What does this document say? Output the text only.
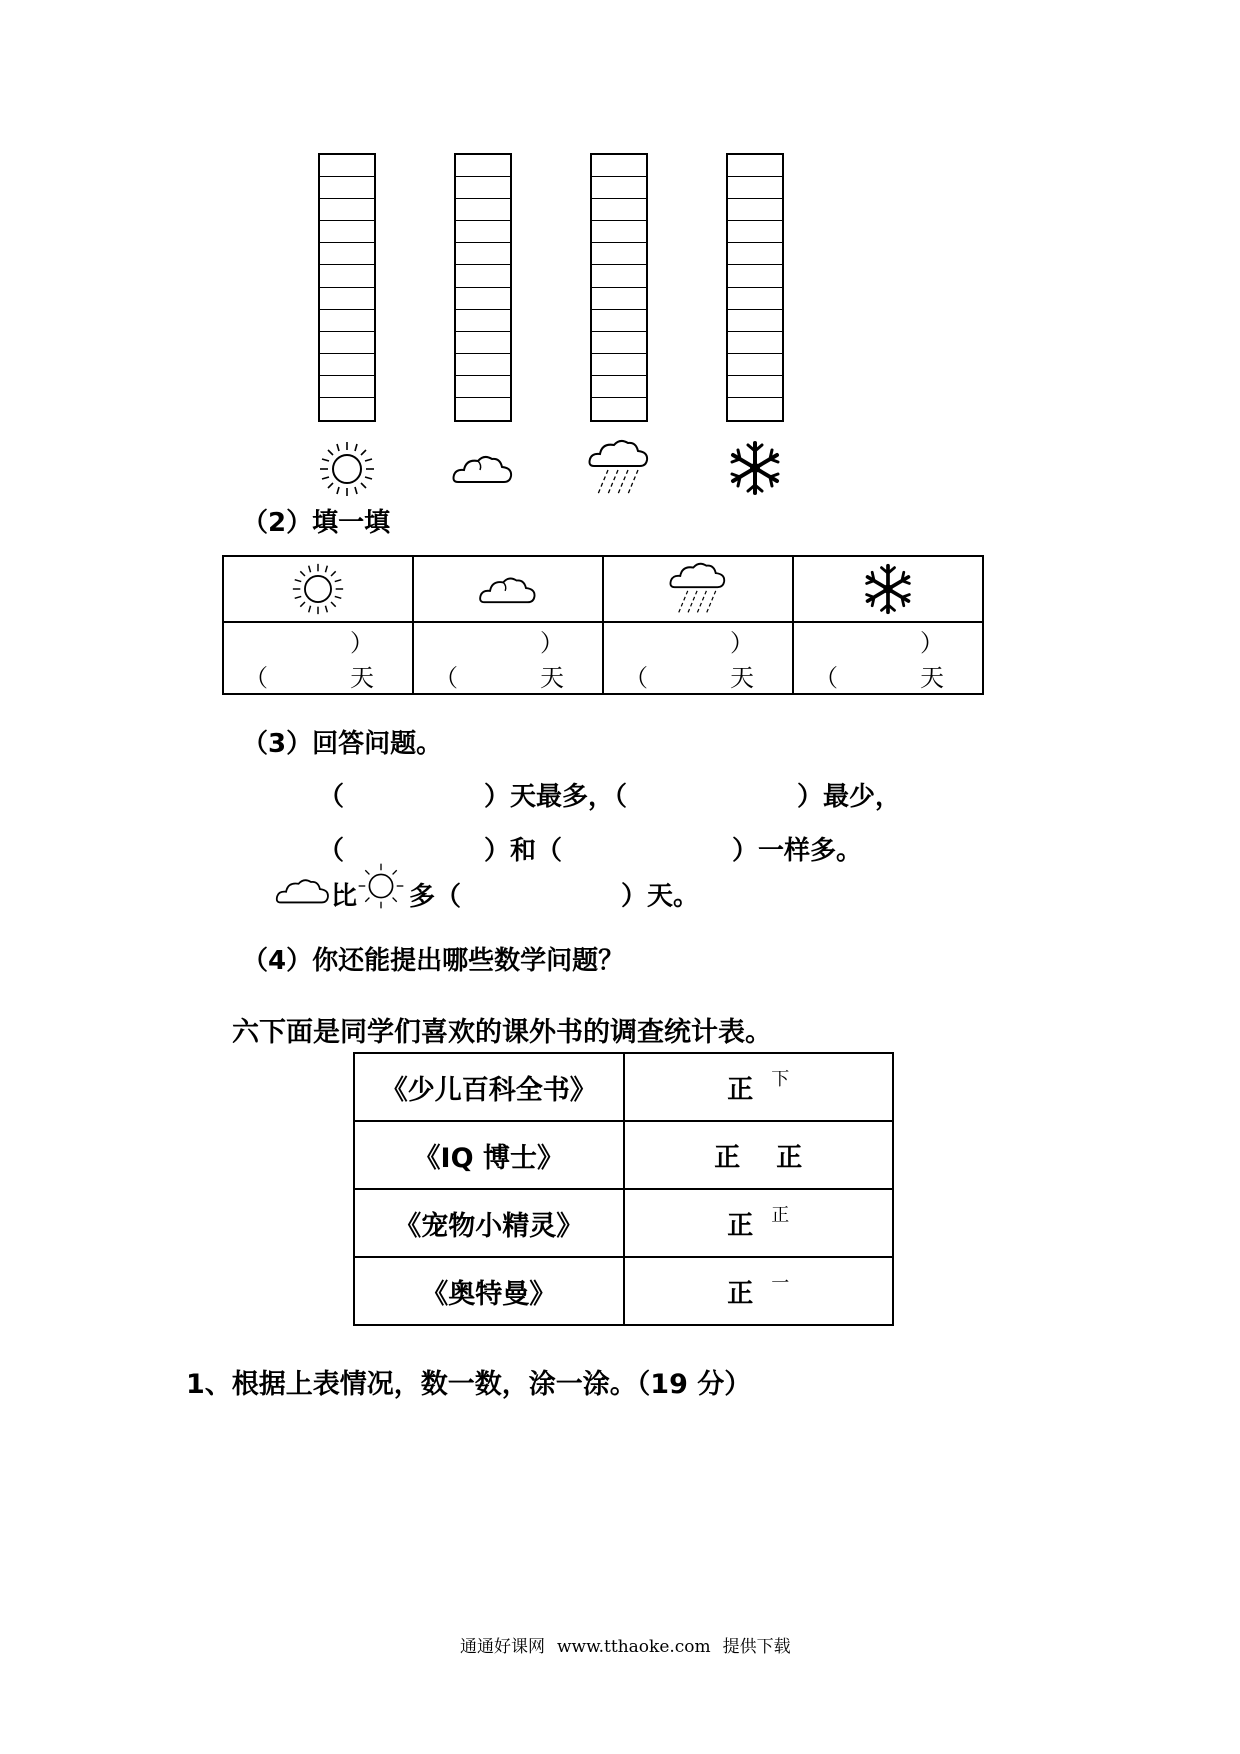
（2）填一填

（）天	（）天	（）天	（）天
（3）回答问题。
（	）天最多，（	）最少，
（	）和（	）一样多。
比 多（	）天。
（4）你还能提出哪些数学问题？
六下面是同学们喜欢的课外书的调查统计表。
《少儿百科全书》	正 $^下$
《IQ 博士》	正 正
《宠物小精灵》	正 $^正$
《奥特曼》	正 $^一$
1、根据上表情况，数一数，涂一涂。（19 分）
通通好课网 www.tthaoke.com 提供下载
